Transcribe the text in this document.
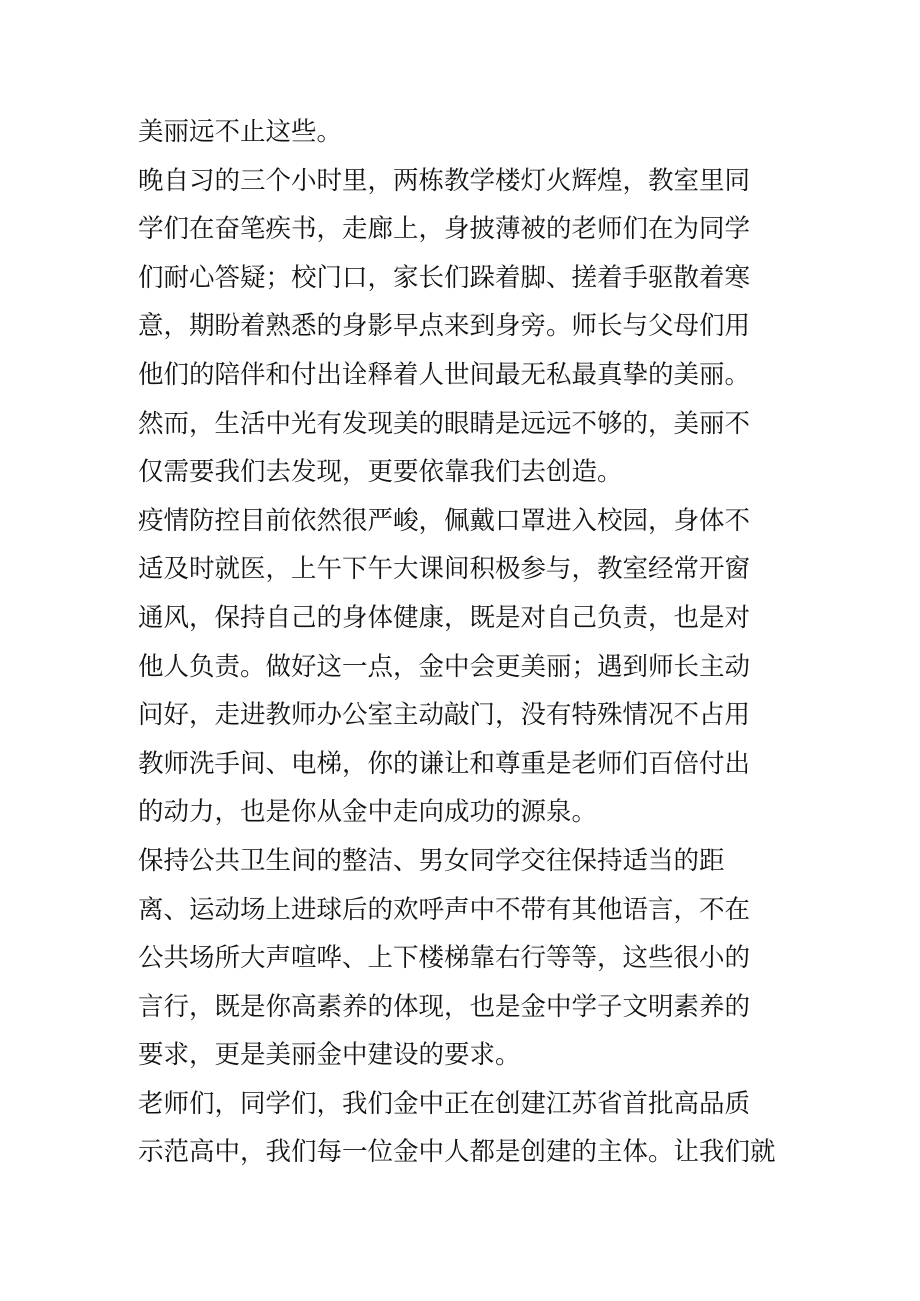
美丽远不止这些。
晚自习的三个小时里，两栋教学楼灯火辉煌，教室里同
学们在奋笔疾书，走廊上，身披薄被的老师们在为同学
们耐心答疑；校门口，家长们跺着脚、搓着手驱散着寒
意，期盼着熟悉的身影早点来到身旁。师长与父母们用
他们的陪伴和付出诠释着人世间最无私最真挚的美丽。
然而，生活中光有发现美的眼睛是远远不够的，美丽不
仅需要我们去发现，更要依靠我们去创造。
疫情防控目前依然很严峻，佩戴口罩进入校园，身体不
适及时就医，上午下午大课间积极参与，教室经常开窗
通风，保持自己的身体健康，既是对自己负责，也是对
他人负责。做好这一点，金中会更美丽；遇到师长主动
问好，走进教师办公室主动敲门，没有特殊情况不占用
教师洗手间、电梯，你的谦让和尊重是老师们百倍付出
的动力，也是你从金中走向成功的源泉。
保持公共卫生间的整洁、男女同学交往保持适当的距
离、运动场上进球后的欢呼声中不带有其他语言，不在
公共场所大声喧哗、上下楼梯靠右行等等，这些很小的
言行，既是你高素养的体现，也是金中学子文明素养的
要求，更是美丽金中建设的要求。
老师们，同学们，我们金中正在创建江苏省首批高品质
示范高中，我们每一位金中人都是创建的主体。让我们就
